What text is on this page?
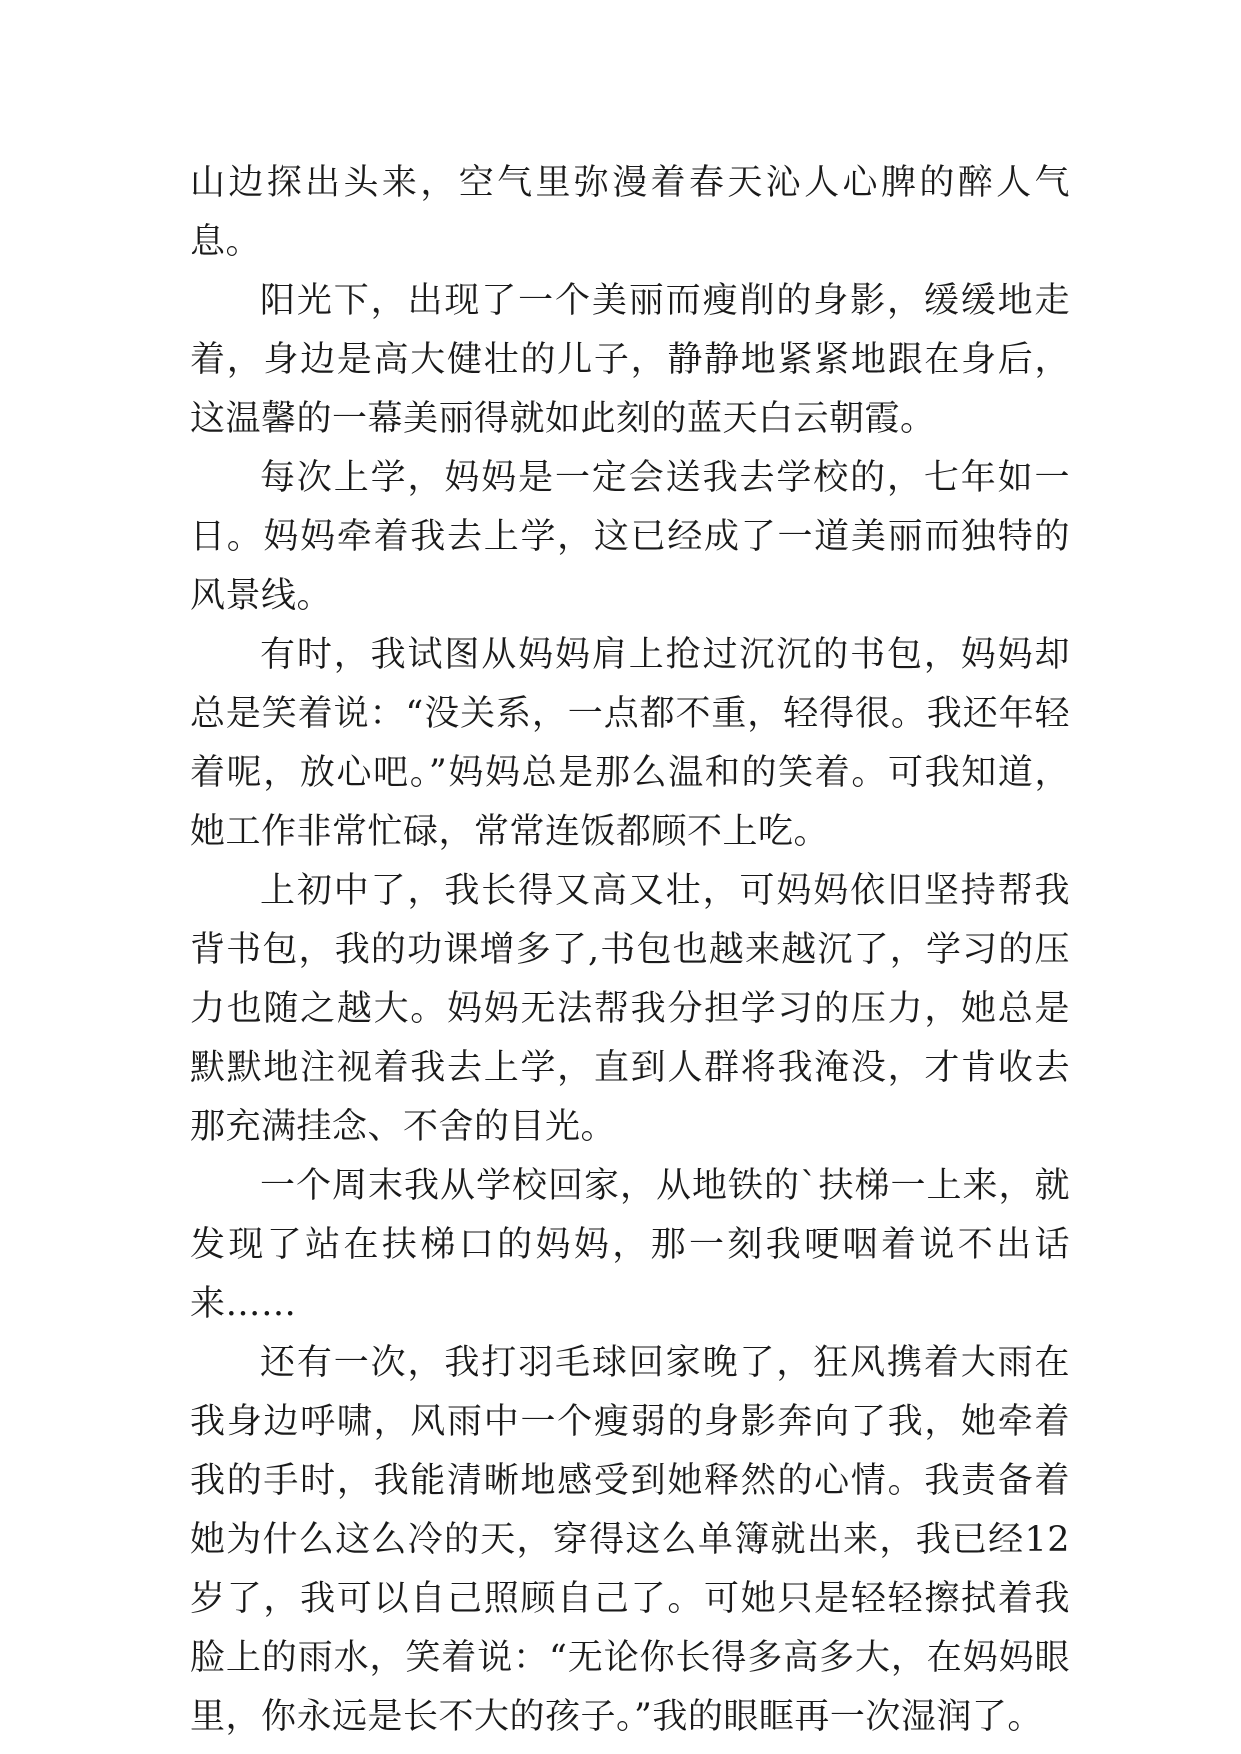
山边探出头来，空气里弥漫着春天沁人心脾的醉人气息。

阳光下，出现了一个美丽而瘦削的身影，缓缓地走着，身边是高大健壮的儿子，静静地紧紧地跟在身后，这温馨的一幕美丽得就如此刻的蓝天白云朝霞。

每次上学，妈妈是一定会送我去学校的，七年如一日。妈妈牵着我去上学，这已经成了一道美丽而独特的风景线。

有时，我试图从妈妈肩上抢过沉沉的书包，妈妈却总是笑着说：“没关系，一点都不重，轻得很。我还年轻着呢，放心吧。”妈妈总是那么温和的笑着。可我知道，她工作非常忙碌，常常连饭都顾不上吃。

上初中了，我长得又高又壮，可妈妈依旧坚持帮我背书包，我的功课增多了,书包也越来越沉了，学习的压力也随之越大。妈妈无法帮我分担学习的压力，她总是默默地注视着我去上学，直到人群将我淹没，才肯收去那充满挂念、不舍的目光。

一个周末我从学校回家，从地铁的`扶梯一上来，就发现了站在扶梯口的妈妈，那一刻我哽咽着说不出话来……

还有一次，我打羽毛球回家晚了，狂风携着大雨在我身边呼啸，风雨中一个瘦弱的身影奔向了我，她牵着我的手时，我能清晰地感受到她释然的心情。我责备着她为什么这么冷的天，穿得这么单簿就出来，我已经12岁了，我可以自己照顾自己了。可她只是轻轻擦拭着我脸上的雨水，笑着说：“无论你长得多高多大，在妈妈眼里，你永远是长不大的孩子。”我的眼眶再一次湿润了。
